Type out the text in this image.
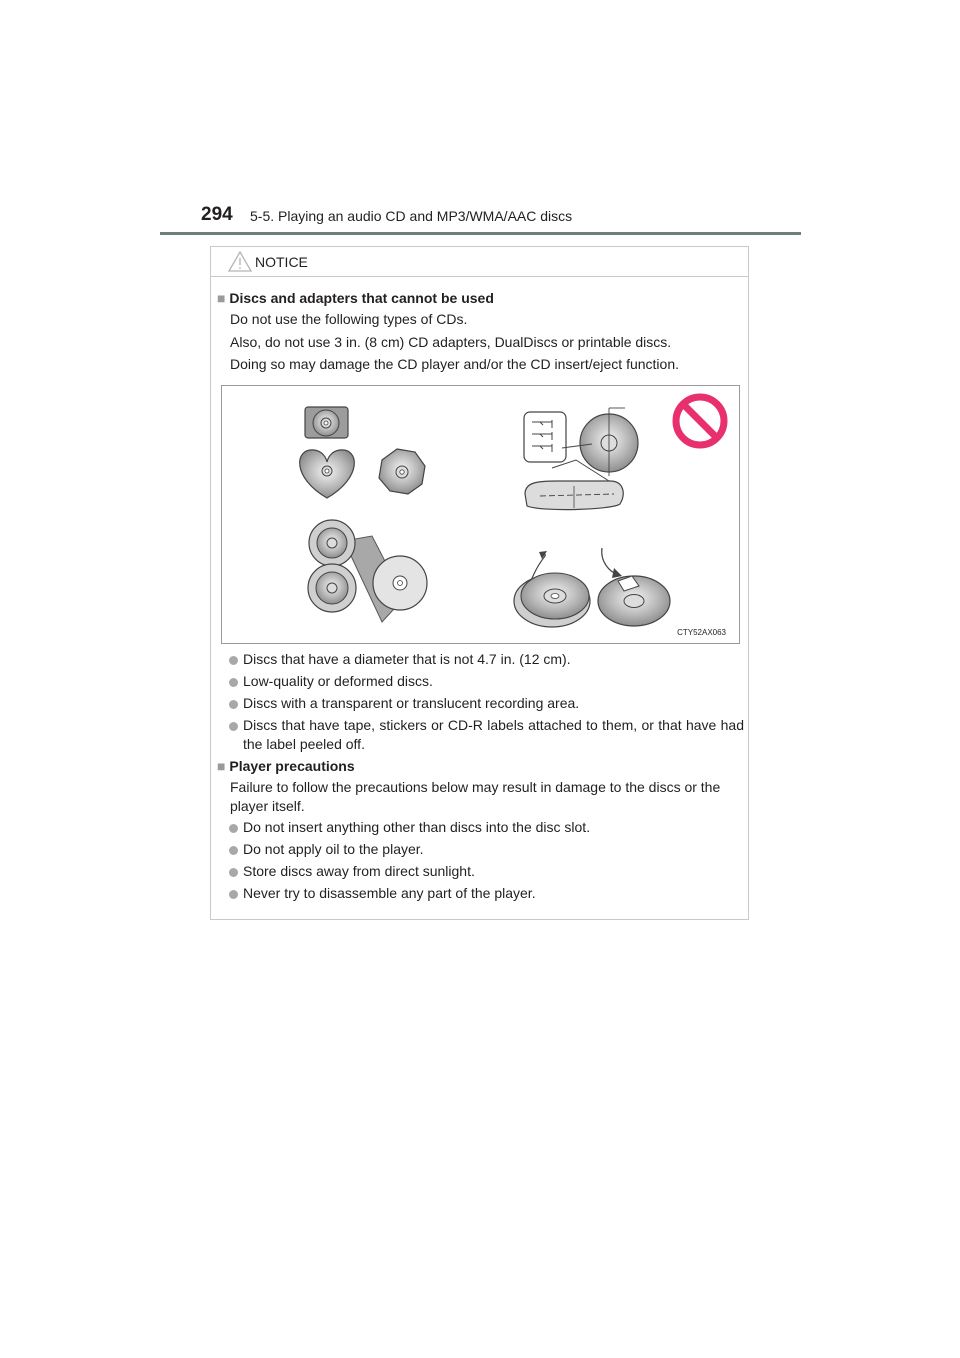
294 5-5. Playing an audio CD and MP3/WMA/AAC discs
NOTICE
■ Discs and adapters that cannot be used
Do not use the following types of CDs.
Also, do not use 3 in. (8 cm) CD adapters, DualDiscs or printable discs.
Doing so may damage the CD player and/or the CD insert/eject function.
CTY52AX063
Discs that have a diameter that is not 4.7 in. (12 cm).
Low-quality or deformed discs.
Discs with a transparent or translucent recording area.
Discs that have tape, stickers or CD-R labels attached to them, or that have had the label peeled off.
■ Player precautions
Failure to follow the precautions below may result in damage to the discs or the player itself.
Do not insert anything other than discs into the disc slot.
Do not apply oil to the player.
Store discs away from direct sunlight.
Never try to disassemble any part of the player.
